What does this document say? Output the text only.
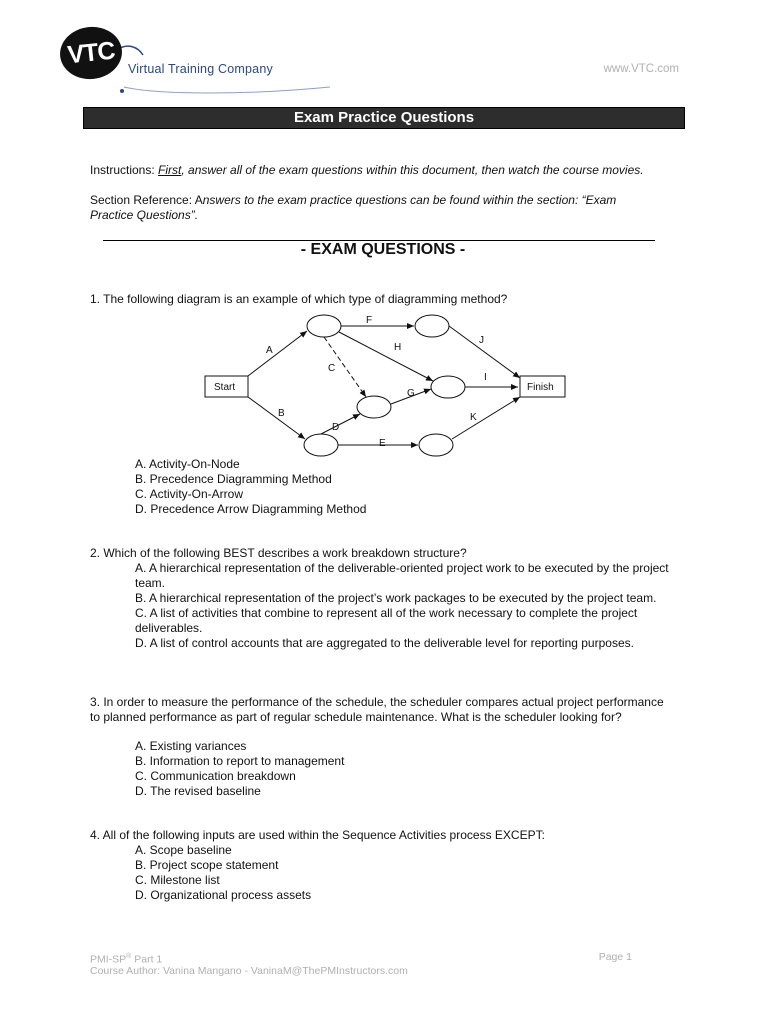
VTC
Virtual Training Company	www.VTC.com
Exam Practice Questions
Instructions: First, answer all of the exam questions within this document, then watch the course movies.
Section Reference: Answers to the exam practice questions can be found within the section: “Exam Practice Questions”.
- EXAM QUESTIONS -
1. The following diagram is an example of which type of diagramming method?
Start	Finish
A
B
C
D
E
F
G
H
I
J
K
A. Activity-On-Node
B. Precedence Diagramming Method
C. Activity-On-Arrow
D. Precedence Arrow Diagramming Method
2. Which of the following BEST describes a work breakdown structure?
A. A hierarchical representation of the deliverable-oriented project work to be executed by the project team.
B. A hierarchical representation of the project’s work packages to be executed by the project team.
C. A list of activities that combine to represent all of the work necessary to complete the project deliverables.
D. A list of control accounts that are aggregated to the deliverable level for reporting purposes.
3. In order to measure the performance of the schedule, the scheduler compares actual project performance to planned performance as part of regular schedule maintenance. What is the scheduler looking for?
A. Existing variances
B. Information to report to management
C. Communication breakdown
D. The revised baseline
4. All of the following inputs are used within the Sequence Activities process EXCEPT:
A. Scope baseline
B. Project scope statement
C. Milestone list
D. Organizational process assets
PMI-SP® Part 1
Course Author: Vanina Mangano - VaninaM@ThePMInstructors.com
Page 1
